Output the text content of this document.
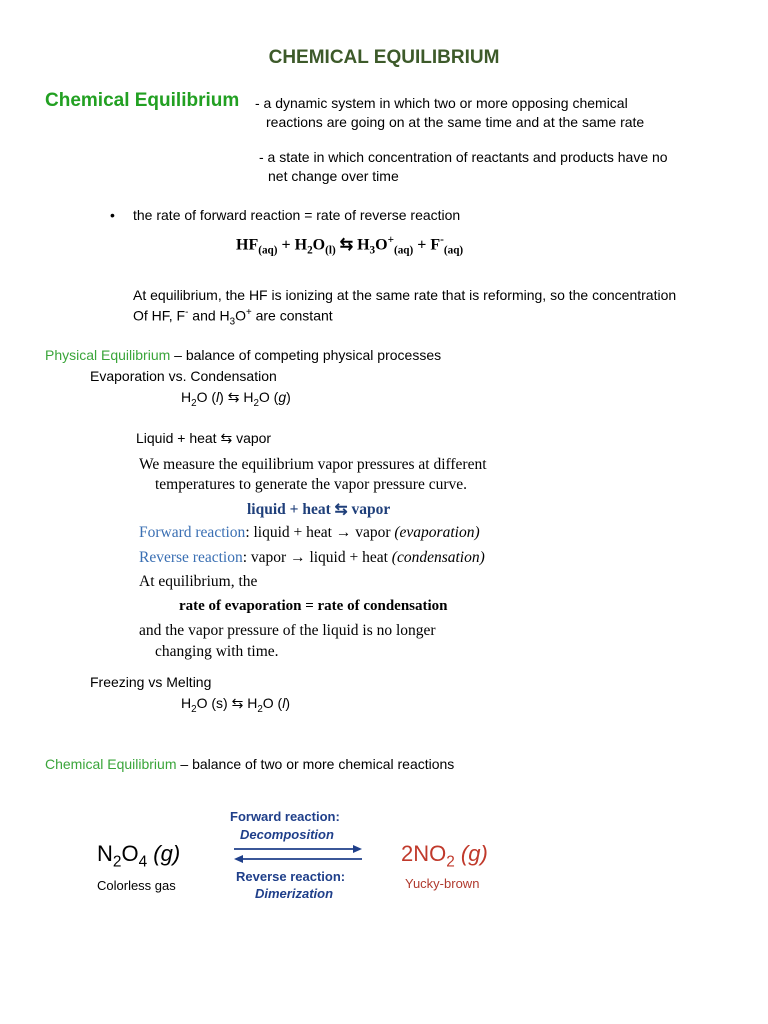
CHEMICAL EQUILIBRIUM
Chemical Equilibrium - a dynamic system in which two or more opposing chemical
reactions are going on at the same time and at the same rate
- a state in which concentration of reactants and products have no
net change over time
• the rate of forward reaction = rate of reverse reaction
$HF_{(aq)} + H_2O_{(l)}$ ⇆ $H_3O^+_{(aq)} + F^-_{(aq)}$
At equilibrium, the HF is ionizing at the same rate that is reforming, so the concentration
Of HF, F- and $H_3O^+$ are constant
Physical Equilibrium – balance of competing physical processes
Evaporation vs. Condensation
$H_2O$ (l) ⇆ $H_2O$ (g)
Liquid + heat ⇆ vapor
We measure the equilibrium vapor pressures at different
temperatures to generate the vapor pressure curve.
liquid + heat ⇆ vapor
Forward reaction: liquid + heat → vapor (evaporation)
Reverse reaction: vapor → liquid + heat (condensation)
At equilibrium, the
rate of evaporation = rate of condensation
and the vapor pressure of the liquid is no longer
changing with time.
Freezing vs Melting
$H_2O$ (s) ⇆ $H_2O$ (l)
Chemical Equilibrium – balance of two or more chemical reactions
$N_2O_4$ (g)
Colorless gas
Forward reaction:
Decomposition
Reverse reaction:
Dimerization
$2NO_2$ (g)
Yucky-brown
